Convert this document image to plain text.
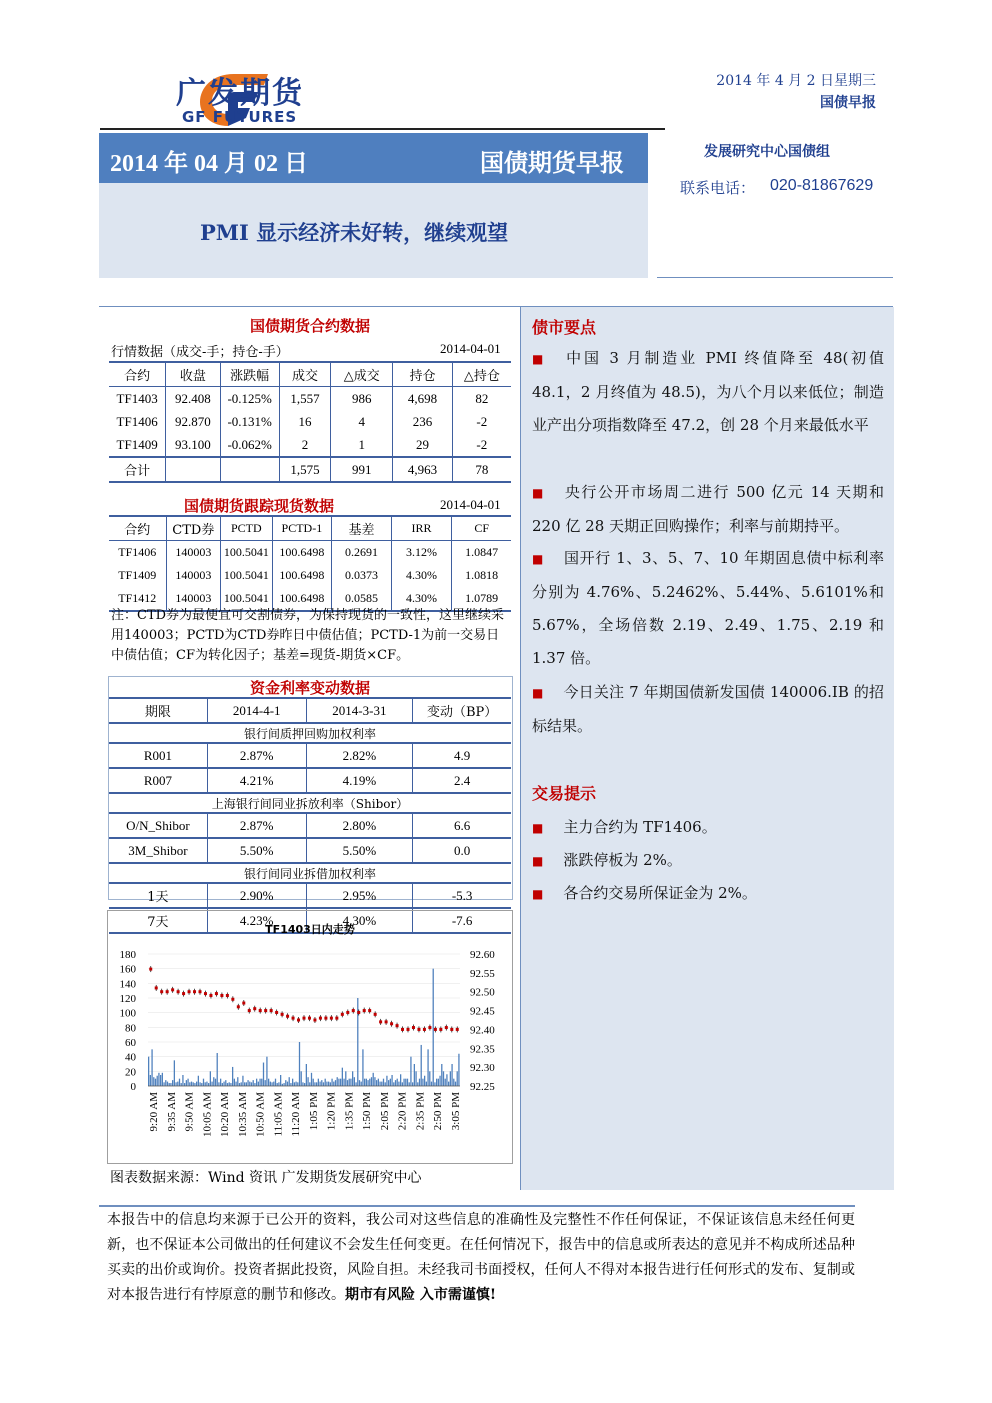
广发期货
GF FUTURES
2014 年 4 月 2 日星期三
国债早报
2014 年 04 月 02 日	国债期货早报
PMI 显示经济未好转，继续观望
发展研究中心国债组
联系电话： 020-81867629
国债期货合约数据
行情数据（成交-手；持仓-手）	2014-04-01
合约	收盘	涨跌幅	成交	△成交	持仓	△持仓
TF1403	92.408	-0.125%	1,557	986	4,698	82
TF1406	92.870	-0.131%	16	4	236	-2
TF1409	93.100	-0.062%	2	1	29	-2
合计			1,575	991	4,963	78
国债期货跟踪现货数据	2014-04-01
合约	CTD券	PCTD	PCTD-1	基差	IRR	CF
TF1406	140003	100.5041	100.6498	0.2691	3.12%	1.0847
TF1409	140003	100.5041	100.6498	0.0373	4.30%	1.0818
TF1412	140003	100.5041	100.6498	0.0585	4.30%	1.0789
注：CTD券为最便宜可交割债券，为保持现货的一致性，这里继续采用140003；PCTD为CTD券昨日中债估值；PCTD-1为前一交易日中债估值；CF为转化因子；基差=现货-期货×CF。
资金利率变动数据
期限	2014-4-1	2014-3-31	变动（BP）
银行间质押回购加权利率			
R001	2.87%	2.82%	4.9
R007	4.21%	4.19%	2.4
上海银行间同业拆放利率（Shibor）			
O/N_Shibor	2.87%	2.80%	6.6
3M_Shibor	5.50%	5.50%	0.0
银行间同业拆借加权利率			
1天	2.90%	2.95%	-5.3
7天	4.23%	4.30%	-7.6
TF1403日内走势
0
20
40
60
80
100
120
140
160
180
92.25
92.30
92.35
92.40
92.45
92.50
92.55
92.60
9:20 AM 9:35 AM 9:50 AM 10:05 AM 10:20 AM 10:35 AM 10:50 AM 11:05 AM 11:20 AM 1:05 PM 1:20 PM 1:35 PM 1:50 PM 2:05 PM 2:20 PM 2:35 PM 2:50 PM 3:05 PM
图表数据来源：Wind 资讯 广发期货发展研究中心
债市要点
■ 中国 3 月制造业 PMI 终值降至 48(初值 48.1，2 月终值为 48.5)，为八个月以来低位；制造业产出分项指数降至 47.2，创 28 个月来最低水平
■ 央行公开市场周二进行 500 亿元 14 天期和 220 亿 28 天期正回购操作；利率与前期持平。
■ 国开行 1、3、5、7、10 年期固息债中标利率分别为 4.76%、5.2462%、5.44%、5.6101%和 5.67%，全场倍数 2.19、2.49、1.75、2.19 和 1.37 倍。
■ 今日关注 7 年期国债新发国债 140006.IB 的招标结果。
交易提示
■ 主力合约为 TF1406。
■ 涨跌停板为 2%。
■ 各合约交易所保证金为 2%。
本报告中的信息均来源于已公开的资料，我公司对这些信息的准确性及完整性不作任何保证，不保证该信息未经任何更新，也不保证本公司做出的任何建议不会发生任何变更。在任何情况下，报告中的信息或所表达的意见并不构成所述品种买卖的出价或询价。投资者据此投资，风险自担。未经我司书面授权，任何人不得对本报告进行任何形式的发布、复制或对本报告进行有悖原意的删节和修改。期市有风险 入市需谨慎!
